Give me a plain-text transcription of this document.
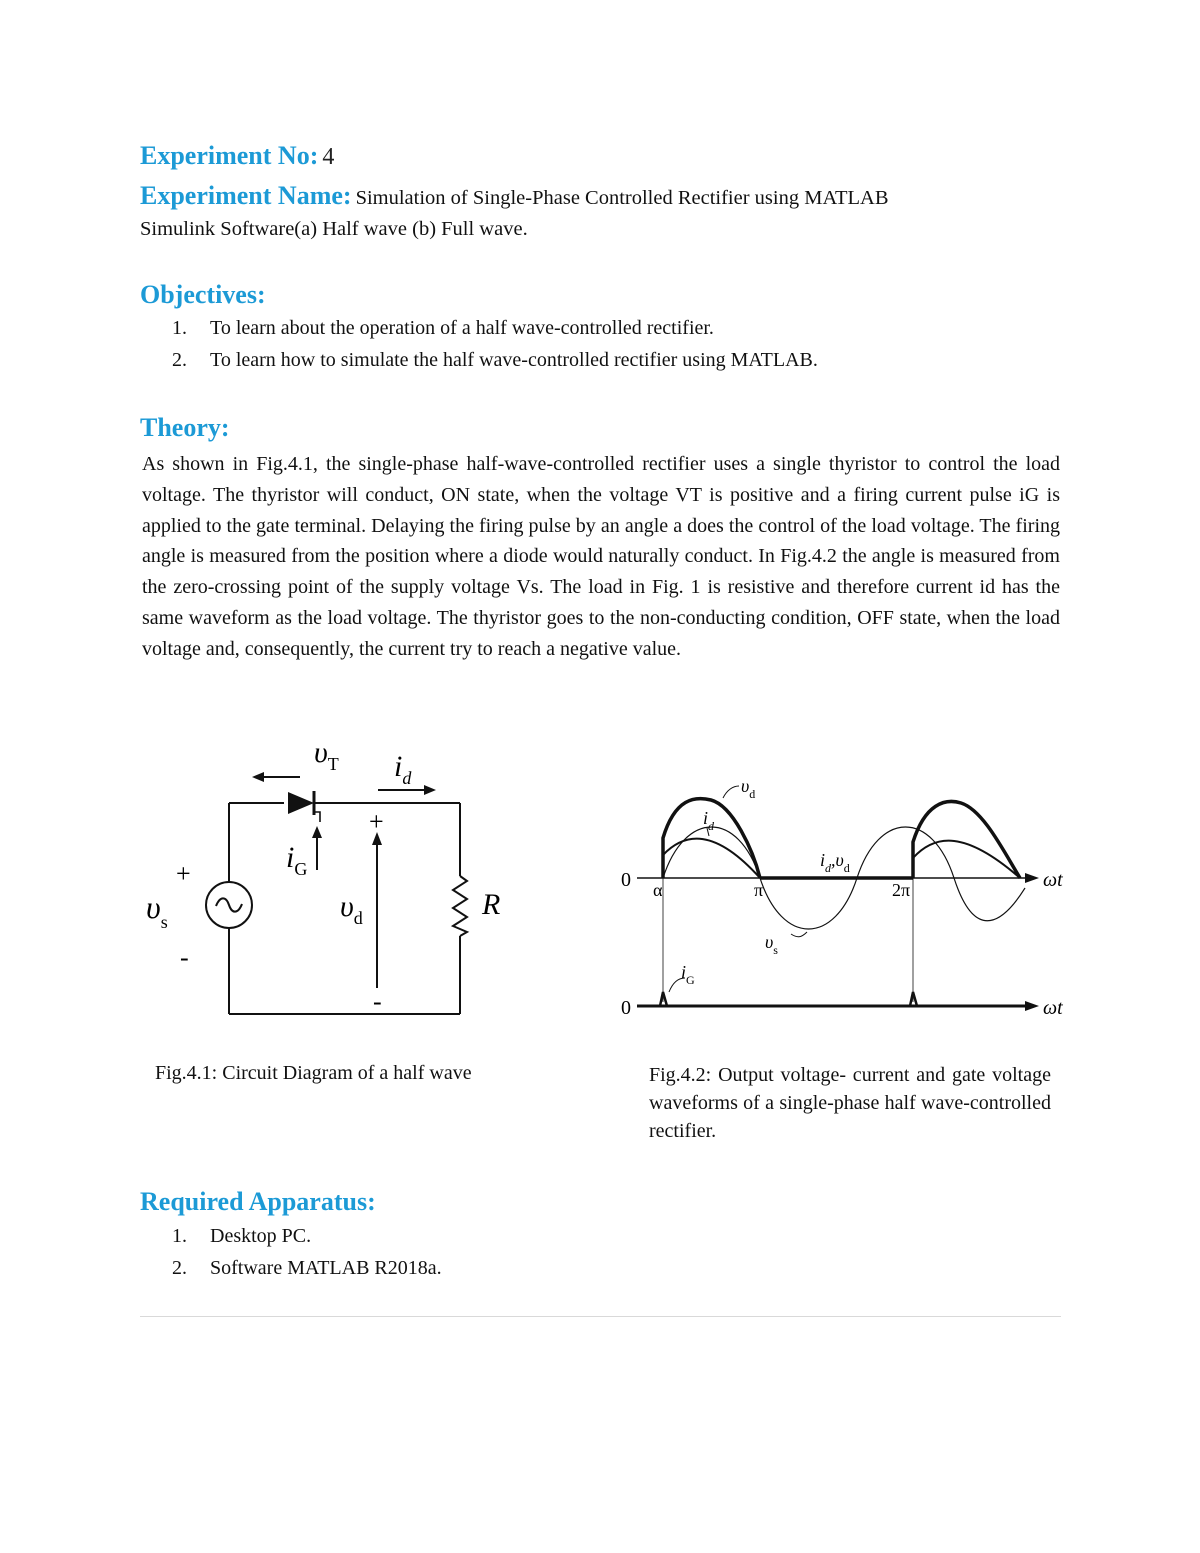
Experiment No: 4
Experiment Name: Simulation of Single-Phase Controlled Rectifier using MATLAB
Simulink Software(a) Half wave (b) Full wave.
Objectives:
1. To learn about the operation of a half wave-controlled rectifier.
2. To learn how to simulate the half wave-controlled rectifier using MATLAB.
Theory:
As shown in Fig.4.1, the single-phase half-wave-controlled rectifier uses a single thyristor to control the load voltage. The thyristor will conduct, ON state, when the voltage VT is positive and a firing current pulse iG is applied to the gate terminal. Delaying the firing pulse by an angle a does the control of the load voltage. The firing angle is measured from the position where a diode would naturally conduct. In Fig.4.2 the angle is measured from the zero-crossing point of the supply voltage Vs. The load in Fig. 1 is resistive and therefore current id has the same waveform as the load voltage. The thyristor goes to the non-conducting condition, OFF state, when the load voltage and, consequently, the current try to reach a negative value.
$\upsilon_T$ $i_d$
$i_G$
$\upsilon_s$	$\upsilon_d$	R
+
-
+
-
0
0
α	π	2π	ωt
ωt
$\upsilon_d$
$i_d$
$i_d,\upsilon_d$
$\upsilon_s$
$i_G$
Fig.4.1: Circuit Diagram of a half wave	Fig.4.2: Output voltage- current and gate voltage waveforms of a single-phase half wave-controlled rectifier.
Required Apparatus:
1. Desktop PC.
2. Software MATLAB R2018a.
